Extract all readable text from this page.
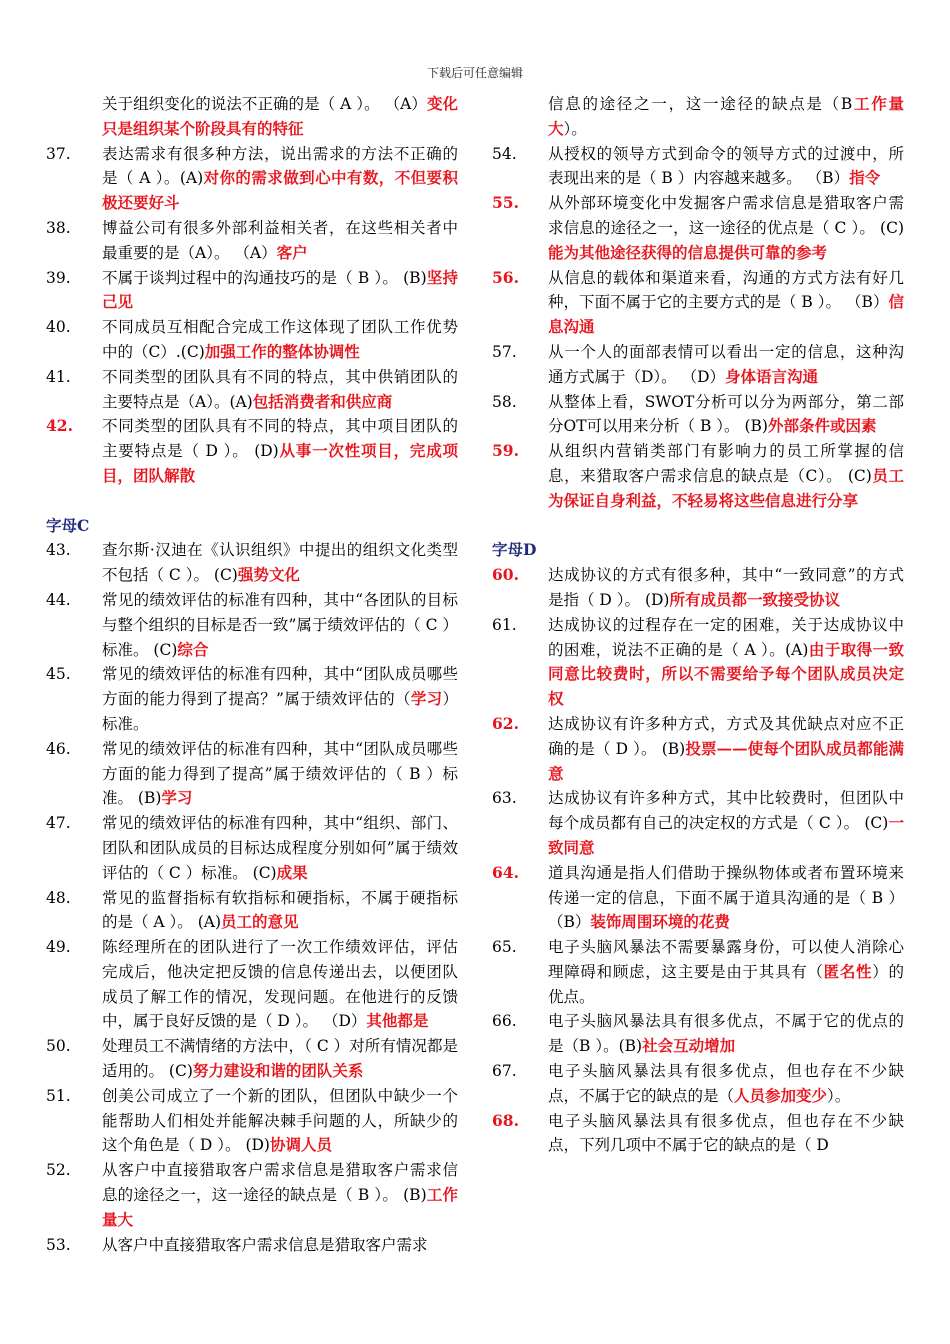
下载后可任意编辑
关于组织变化的说法不正确的是（ A ）。 （A）变化只是组织某个阶段具有的特征
37.	表达需求有很多种方法，说出需求的方法不正确的是（ A ）。(A)对你的需求做到心中有数，不但要积极还要好斗
38.	博益公司有很多外部利益相关者，在这些相关者中最重要的是（A）。 （A）客户
39.	不属于谈判过程中的沟通技巧的是（ B ）。 (B)坚持己见
40.	不同成员互相配合完成工作这体现了团队工作优势中的（C）.(C)加强工作的整体协调性
41.	不同类型的团队具有不同的特点，其中供销团队的主要特点是（A）。(A)包括消费者和供应商
42.	不同类型的团队具有不同的特点，其中项目团队的主要特点是（ D ）。 (D)从事一次性项目，完成项目，团队解散
字母C
43.	查尔斯·汉迪在《认识组织》中提出的组织文化类型不包括（ C ）。 (C)强势文化
44.	常见的绩效评估的标准有四种，其中“各团队的目标与整个组织的目标是否一致”属于绩效评估的（ C ）标准。 (C)综合
45.	常见的绩效评估的标准有四种，其中“团队成员哪些方面的能力得到了提高？”属于绩效评估的（学习）标准。
46.	常见的绩效评估的标准有四种，其中“团队成员哪些方面的能力得到了提高”属于绩效评估的（ B ）标准。 (B)学习
47.	常见的绩效评估的标准有四种，其中“组织、部门、团队和团队成员的目标达成程度分别如何”属于绩效评估的（ C ）标准。 (C)成果
48.	常见的监督指标有软指标和硬指标，不属于硬指标的是（ A ）。 (A)员工的意见
49.	陈经理所在的团队进行了一次工作绩效评估，评估完成后，他决定把反馈的信息传递出去，以便团队成员了解工作的情况，发现问题。在他进行的反馈中，属于良好反馈的是（ D ）。 （D）其他都是
50.	处理员工不满情绪的方法中，（ C ）对所有情况都是适用的。 (C)努力建设和谐的团队关系
51.	创美公司成立了一个新的团队，但团队中缺少一个能帮助人们相处并能解决棘手问题的人，所缺少的这个角色是（ D ）。 (D)协调人员
52.	从客户中直接猎取客户需求信息是猎取客户需求信息的途径之一，这一途径的缺点是（ B ）。 (B)工作量大
53.	从客户中直接猎取客户需求信息是猎取客户需求
信息的途径之一，这一途径的缺点是（B工作量大）。
54.	从授权的领导方式到命令的领导方式的过渡中，所表现出来的是（ B ）内容越来越多。 （B）指令
55.	从外部环境变化中发掘客户需求信息是猎取客户需求信息的途径之一，这一途径的优点是（ C ）。 (C)能为其他途径获得的信息提供可靠的参考
56.	从信息的载体和渠道来看，沟通的方式方法有好几种，下面不属于它的主要方式的是（ B ）。 （B）信息沟通
57.	从一个人的面部表情可以看出一定的信息，这种沟通方式属于（D）。 （D）身体语言沟通
58.	从整体上看，SWOT分析可以分为两部分，第二部分OT可以用来分析（ B ）。 (B)外部条件或因素
59.	从组织内营销类部门有影响力的员工所掌握的信息，来猎取客户需求信息的缺点是（C）。 (C)员工为保证自身利益，不轻易将这些信息进行分享
字母D
60.	达成协议的方式有很多种，其中“一致同意”的方式是指（ D ）。 (D)所有成员都一致接受协议
61.	达成协议的过程存在一定的困难，关于达成协议中的困难，说法不正确的是（ A ）。(A)由于取得一致同意比较费时，所以不需要给予每个团队成员决定权
62.	达成协议有许多种方式，方式及其优缺点对应不正确的是（ D ）。 (B)投票——使每个团队成员都能满意
63.	达成协议有许多种方式，其中比较费时，但团队中每个成员都有自己的决定权的方式是（ C ）。 (C)一致同意
64.	道具沟通是指人们借助于操纵物体或者布置环境来传递一定的信息，下面不属于道具沟通的是（ B ） （B）装饰周围环境的花费
65.	电子头脑风暴法不需要暴露身份，可以使人消除心理障碍和顾虑，这主要是由于其具有（匿名性）的优点。
66.	电子头脑风暴法具有很多优点，不属于它的优点的是（B ）。(B)社会互动增加
67.	电子头脑风暴法具有很多优点，但也存在不少缺点，不属于它的缺点的是（人员参加变少）。
68.	电子头脑风暴法具有很多优点，但也存在不少缺点，下列几项中不属于它的缺点的是（ D
